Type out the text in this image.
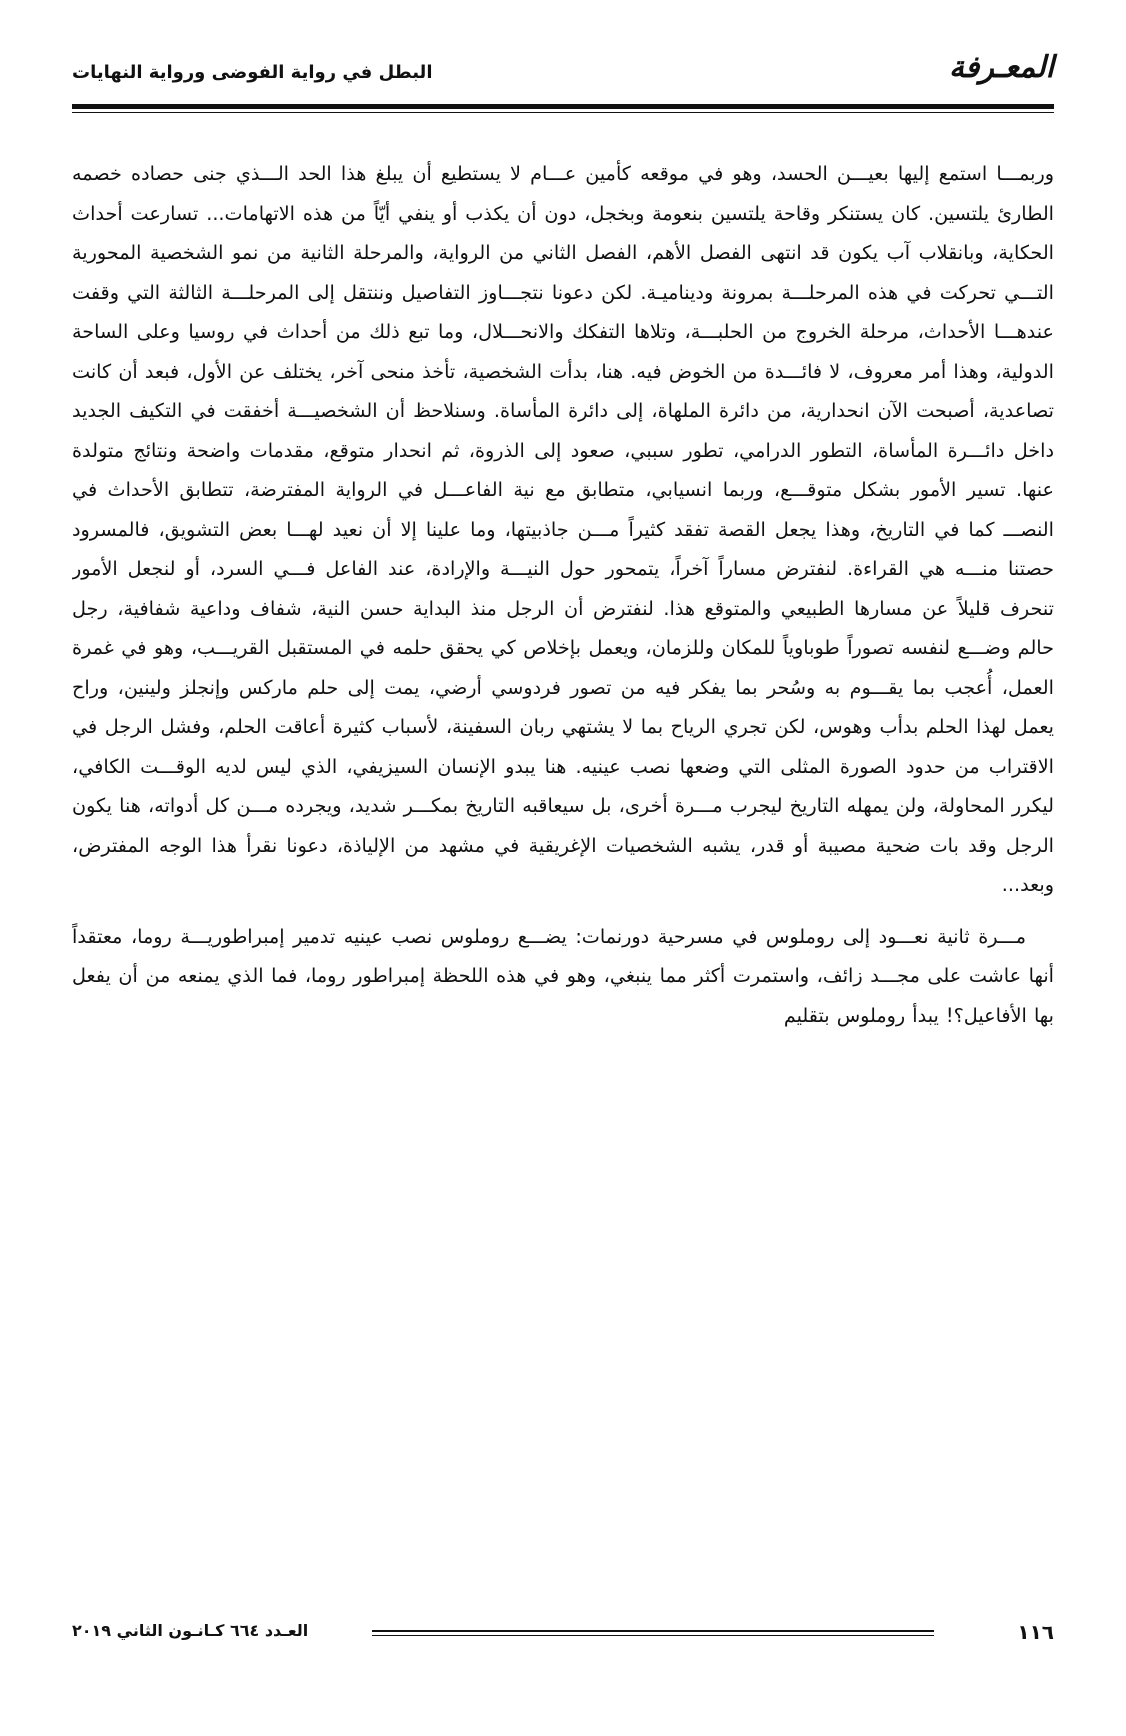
المعـرفة
البطل في رواية الفوضى ورواية النهايات

وربمـــا استمع إليها بعيـــن الحسد، وهو في موقعه كأمين عـــام لا يستطيع أن يبلغ هذا الحد الـــذي جنى حصاده خصمه الطارئ يلتسين. كان يستنكر وقاحة يلتسين بنعومة وبخجل، دون أن يكذب أو ينفي أيّاً من هذه الاتهامات... تسارعت أحداث الحكاية، وبانقلاب آب يكون قد انتهى الفصل الأهم، الفصل الثاني من الرواية، والمرحلة الثانية من نمو الشخصية المحورية التـــي تحركت في هذه المرحلـــة بمرونة وديناميـة. لكن دعونا نتجـــاوز التفاصيل وننتقل إلى المرحلـــة الثالثة التي وقفت عندهـــا الأحداث، مرحلة الخروج من الحلبـــة، وتلاها التفكك والانحـــلال، وما تبع ذلك من أحداث في روسيا وعلى الساحة الدولية، وهذا أمر معروف، لا فائـــدة من الخوض فيه. هنا، بدأت الشخصية، تأخذ منحى آخر، يختلف عن الأول، فبعد أن كانت تصاعدية، أصبحت الآن انحدارية، من دائرة الملهاة، إلى دائرة المأساة. وسنلاحظ أن الشخصيـــة أخفقت في التكيف الجديد داخل دائـــرة المأساة، التطور الدرامي، تطور سببي، صعود إلى الذروة، ثم انحدار متوقع، مقدمات واضحة ونتائج متولدة عنها. تسير الأمور بشكل متوقـــع، وربما انسيابي، متطابق مع نية الفاعـــل في الرواية المفترضة، تتطابق الأحداث في النصـــ كما في التاريخ، وهذا يجعل القصة تفقد كثيراً مـــن جاذبيتها، وما علينا إلا أن نعيد لهـــا بعض التشويق، فالمسرود حصتنا منـــه هي القراءة. لنفترض مساراً آخراً، يتمحور حول النيـــة والإرادة، عند الفاعل فـــي السرد، أو لنجعل الأمور تنحرف قليلاً عن مسارها الطبيعي والمتوقع هذا. لنفترض أن الرجل منذ البداية حسن النية، شفاف وداعية شفافية، رجل حالم وضـــع لنفسه تصوراً طوباوياً للمكان وللزمان، ويعمل بإخلاص كي يحقق حلمه في المستقبل القريـــب، وهو في غمرة العمل، أُعجب بما يقـــوم به وسُحر بما يفكر فيه من تصور فردوسي أرضي، يمت إلى حلم ماركس وإنجلز ولينين، وراح يعمل لهذا الحلم بدأب وهوس، لكن تجري الرياح بما لا يشتهي ربان السفينة، لأسباب كثيرة أعاقت الحلم، وفشل الرجل في الاقتراب من حدود الصورة المثلى التي وضعها نصب عينيه. هنا يبدو الإنسان السيزيفي، الذي ليس لديه الوقـــت الكافي، ليكرر المحاولة، ولن يمهله التاريخ ليجرب مـــرة أخرى، بل سيعاقبه التاريخ بمكـــر شديد، ويجرده مـــن كل أدواته، هنا يكون الرجل وقد بات ضحية مصيبة أو قدر، يشبه الشخصيات الإغريقية في مشهد من الإلياذة، دعونا نقرأ هذا الوجه المفترض، وبعد...

مـــرة ثانية نعـــود إلى روملوس في مسرحية دورنمات: يضـــع روملوس نصب عينيه تدمير إمبراطوريـــة روما، معتقداً أنها عاشت على مجـــد زائف، واستمرت أكثر مما ينبغي، وهو في هذه اللحظة إمبراطور روما، فما الذي يمنعه من أن يفعل بها الأفاعيل؟! يبدأ روملوس بتقليم

١١٦
العـدد ٦٦٤ كـانـون الثاني ٢٠١٩
